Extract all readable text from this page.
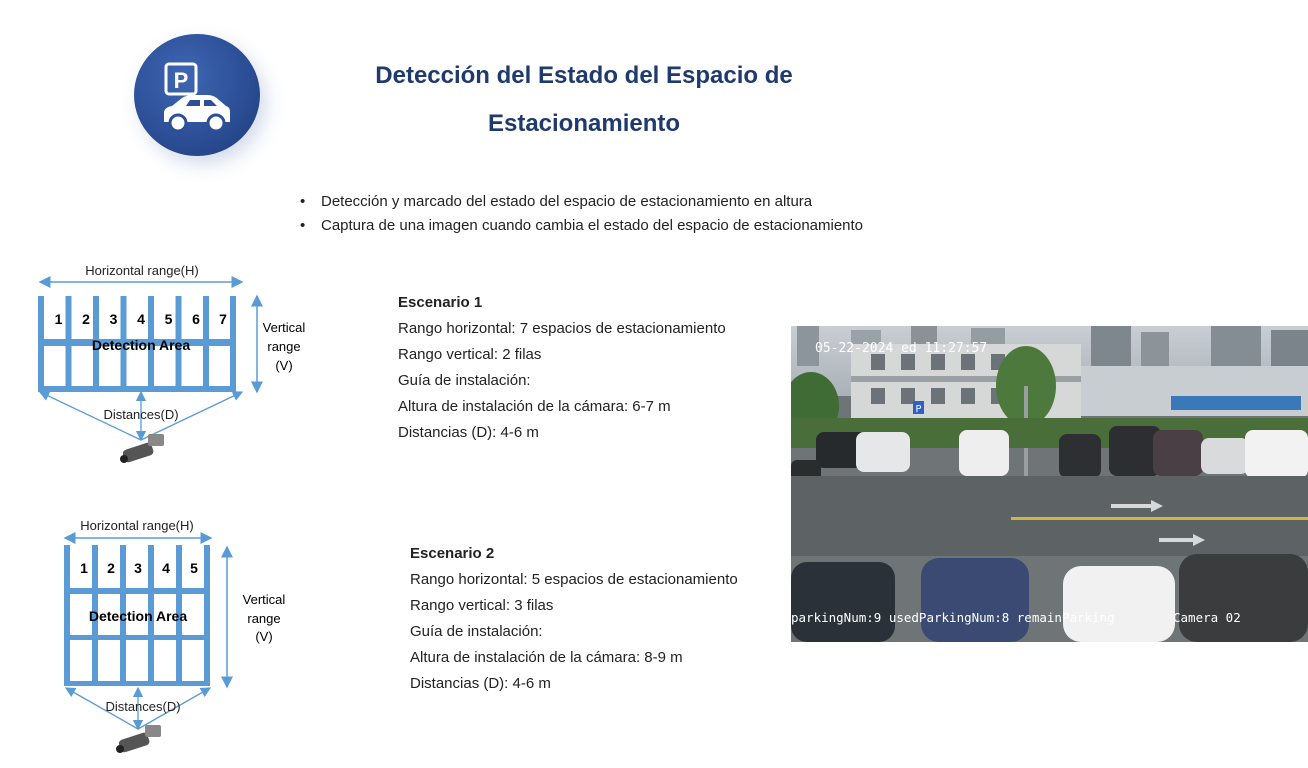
P	Detección del Estado del Espacio de
Estacionamiento
• Detección y marcado del estado del espacio de estacionamiento en altura
• Captura de una imagen cuando cambia el estado del espacio de estacionamiento
Horizontal range(H)
1 2 3 4 5 6 7
Detection Area
Vertical
range
(V)
Distances(D)
Horizontal range(H)
1 2 3 4 5
Detection Area
Vertical
range
(V)
Distances(D)
Escenario 1
Rango horizontal: 7 espacios de estacionamiento
Rango vertical: 2 filas
Guía de instalación:
Altura de instalación de la cámara: 6-7 m
Distancias (D): 4-6 m
Escenario 2
Rango horizontal: 5 espacios de estacionamiento
Rango vertical: 3 filas
Guía de instalación:
Altura de instalación de la cámara: 8-9 m
Distancias (D): 4-6 m
P
05-22-2024 ed 11:27:57
parkingNum:9 usedParkingNum:8 remainParking	Camera 02
